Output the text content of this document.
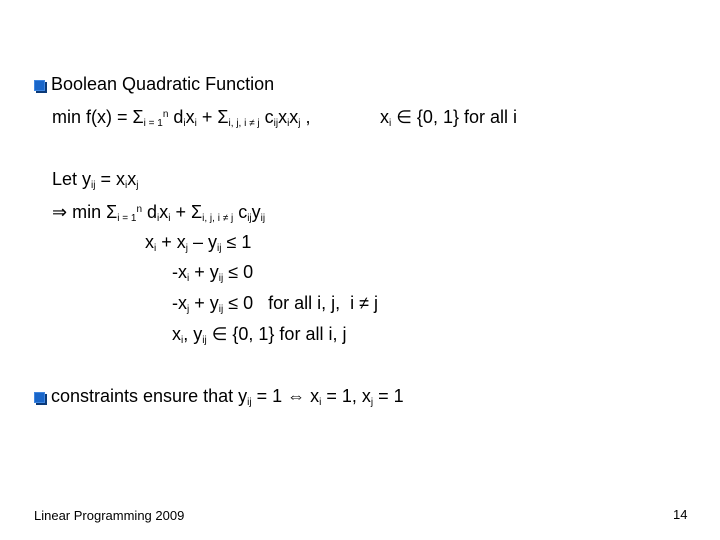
Boolean Quadratic Function
$\min f(x) = \Sigma_{i = 1}^n$ $d_ix_i + \Sigma_{i, j, i \ne j}$ $c_{ij}x_ix_j$ ,	$x_i$ ∈ {0, 1} for all i
Let $y_{ij} = x_ix_j$
⇒ $\min \Sigma_{i = 1}^n$ $d_ix_i + \Sigma_{i, j, i \ne j}$ $c_{ij}y_{ij}$
$x_i + x_j - y_{ij} \le 1$
$-x_i + y_{ij} \le 0$
$-x_j + y_{ij} \le 0$   for all i, j,  i ≠ j
$x_i$, $y_{ij}$ ∈ {0, 1} for all i, j
constraints ensure that $y_{ij} = 1$ ⇔ $x_i = 1$, $x_j = 1$
Linear Programming 2009	14
